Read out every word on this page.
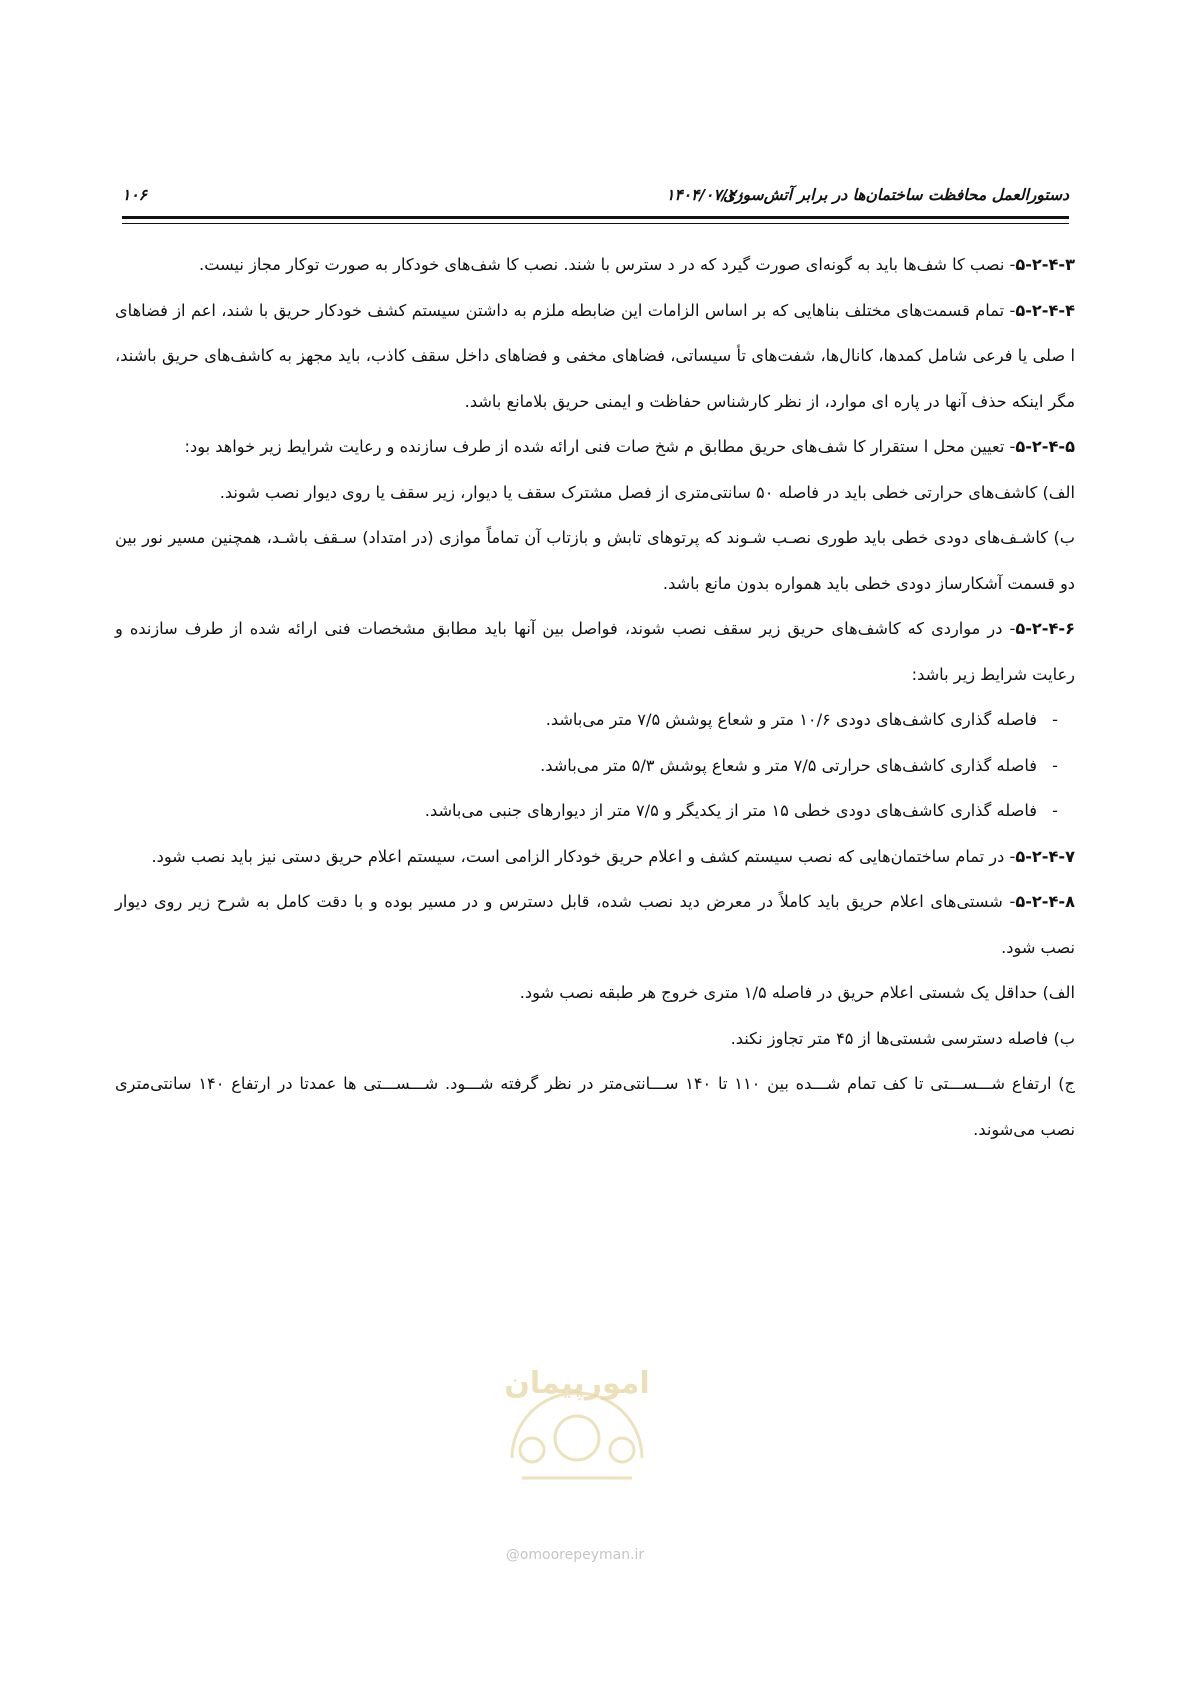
دستورالعمل محافظت ساختمان‌ها در برابر آتش‌سوزی
۱۴۰۴/۰۷/۲۰
۱۰۶

۵-۲-۴-۳- نصب کا شف‌ها باید به گونه‌ای صورت گیرد که در د سترس با شند. نصب کا شف‌های خودکار به صورت توکار مجاز نیست.

۵-۲-۴-۴- تمام قسمت‌های مختلف بناهایی که بر اساس الزامات این ضابطه ملزم به داشتن سیستم کشف خودکار حریق با شند، اعم از فضاهای ا صلی یا فرعی شامل کمدها، کانال‌ها، شفت‌های تأ سیساتی، فضاهای مخفی و فضاهای داخل سقف کاذب، باید مجهز به کاشف‌های حریق باشند، مگر اینکه حذف آنها در پاره ای موارد، از نظر کارشناس حفاظت و ایمنی حریق بلامانع باشد.

۵-۲-۴-۵- تعیین محل ا ستقرار کا شف‌های حریق مطابق م شخ صات فنی ارائه شده از طرف سازنده و رعایت شرایط زیر خواهد بود:

الف) کاشف‌های حرارتی خطی باید در فاصله ۵۰ سانتی‌متری از فصل مشترک سقف یا دیوار، زیر سقف یا روی دیوار نصب شوند.

ب) کاشـف‌های دودی خطی باید طوری نصـب شـوند که پرتوهای تابش و بازتاب آن تماماً موازی (در امتداد) سـقف باشـد، همچنین مسیر نور بین دو قسمت آشکارساز دودی خطی باید همواره بدون مانع باشد.

۵-۲-۴-۶- در مواردی که کاشف‌های حریق زیر سقف نصب شوند، فواصل بین آنها باید مطابق مشخصات فنی ارائه شده از طرف سازنده و رعایت شرایط زیر باشد:

-
فاصله گذاری کاشف‌های دودی ۱۰/۶ متر و شعاع پوشش ۷/۵ متر می‌باشد.
-
فاصله گذاری کاشف‌های حرارتی ۷/۵ متر و شعاع پوشش ۵/۳ متر می‌باشد.
-
فاصله گذاری کاشف‌های دودی خطی ۱۵ متر از یکدیگر و ۷/۵ متر از دیوارهای جنبی می‌باشد.

۵-۲-۴-۷- در تمام ساختمان‌هایی که نصب سیستم کشف و اعلام حریق خودکار الزامی است، سیستم اعلام حریق دستی نیز باید نصب شود.

۵-۲-۴-۸- شستی‌های اعلام حریق باید کاملاً در معرض دید نصب شده، قابل دسترس و در مسیر بوده و با دقت کامل به شرح زیر روی دیوار نصب شود.

الف) حداقل یک شستی اعلام حریق در فاصله ۱/۵ متری خروج هر طبقه نصب شود.

ب) فاصله دسترسی شستی‌ها از ۴۵ متر تجاوز نکند.

ج) ارتفاع شـــســـتی تا کف تمام شـــده بین ۱۱۰ تا ۱۴۰ ســـانتی‌متر در نظر گرفته شـــود. شـــســـتی ها عمدتا در ارتفاع ۱۴۰ سانتی‌متری نصب می‌شوند.

امورپیمان
@omoorepeyman.ir
